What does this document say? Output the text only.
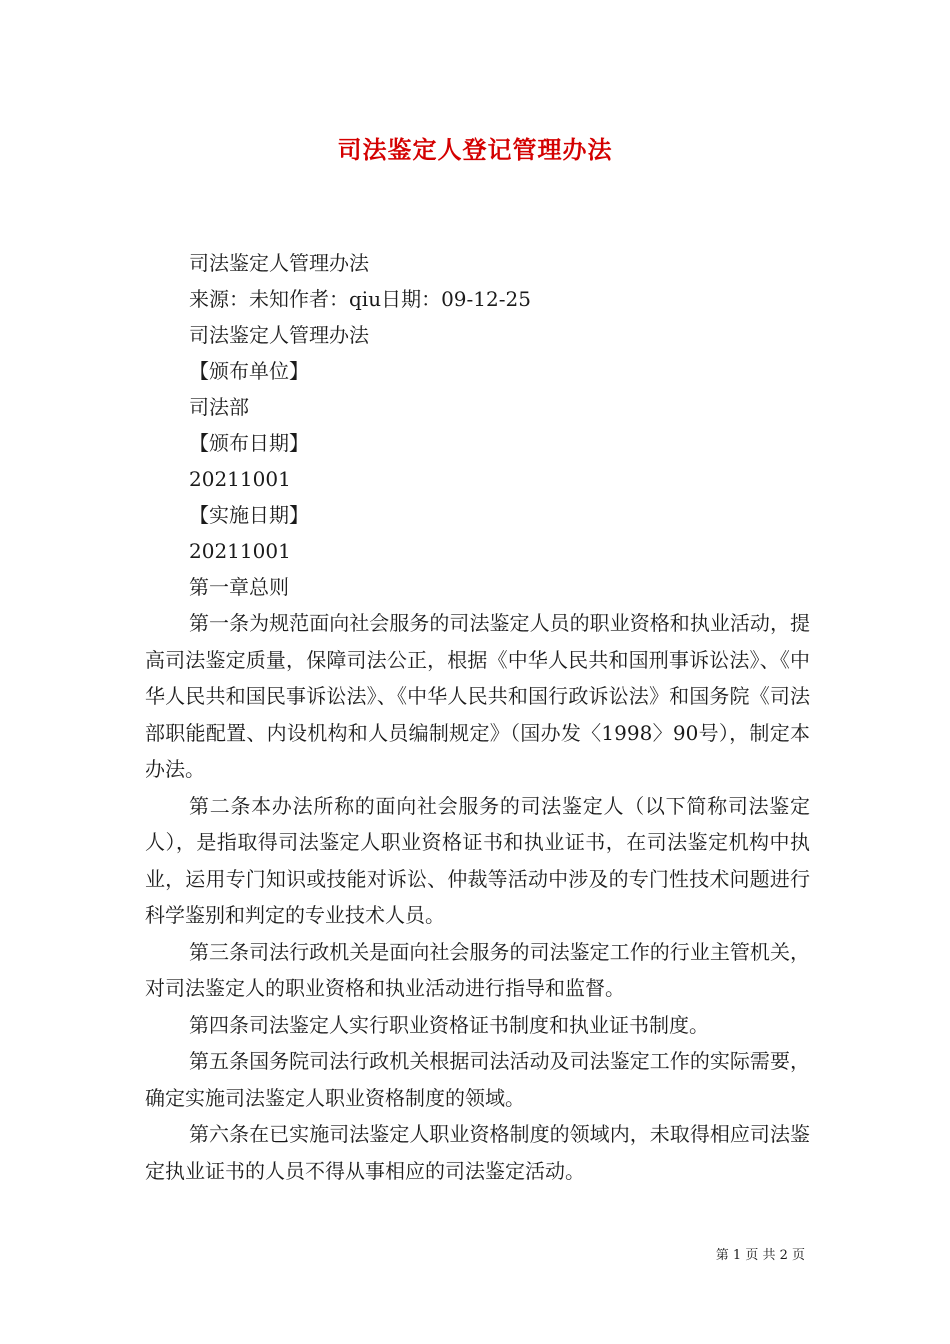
司法鉴定人登记管理办法

司法鉴定人管理办法

来源：未知作者：qiu日期：09-12-25

司法鉴定人管理办法

【颁布单位】

司法部

【颁布日期】

20211001

【实施日期】

20211001

第一章总则

第一条为规范面向社会服务的司法鉴定人员的职业资格和执业活动，提高司法鉴定质量，保障司法公正，根据《中华人民共和国刑事诉讼法》、《中华人民共和国民事诉讼法》、《中华人民共和国行政诉讼法》和国务院《司法部职能配置、内设机构和人员编制规定》（国办发〈1998〉90号），制定本办法。

第二条本办法所称的面向社会服务的司法鉴定人（以下简称司法鉴定人），是指取得司法鉴定人职业资格证书和执业证书，在司法鉴定机构中执业，运用专门知识或技能对诉讼、仲裁等活动中涉及的专门性技术问题进行科学鉴别和判定的专业技术人员。

第三条司法行政机关是面向社会服务的司法鉴定工作的行业主管机关，对司法鉴定人的职业资格和执业活动进行指导和监督。

第四条司法鉴定人实行职业资格证书制度和执业证书制度。

第五条国务院司法行政机关根据司法活动及司法鉴定工作的实际需要，确定实施司法鉴定人职业资格制度的领域。

第六条在已实施司法鉴定人职业资格制度的领域内，未取得相应司法鉴定执业证书的人员不得从事相应的司法鉴定活动。

第 1 页 共 2 页
